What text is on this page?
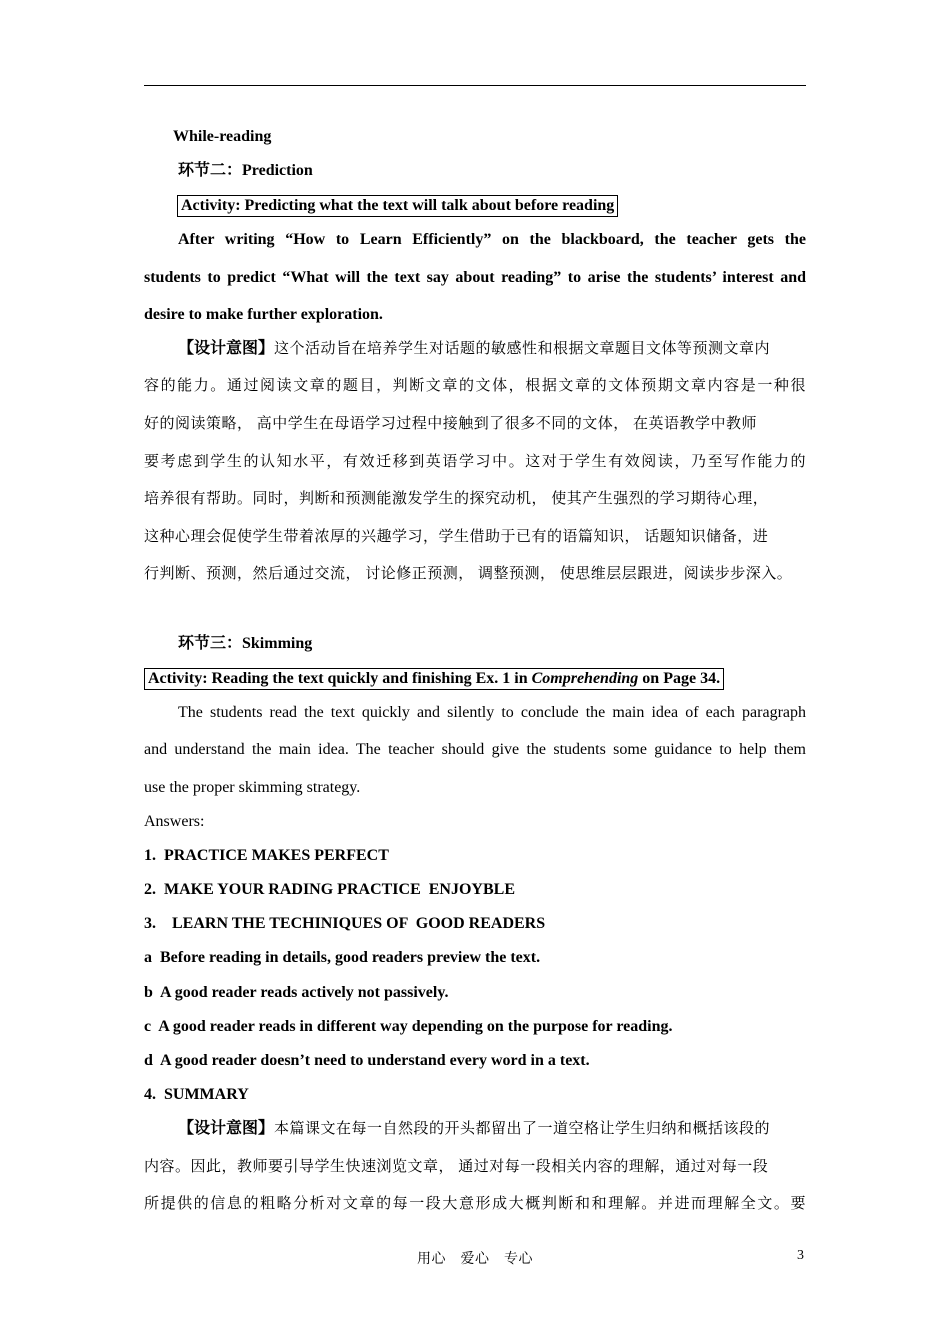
While-reading
环节二：Prediction
Activity: Predicting what the text will talk about before reading
After writing “How to Learn Efficiently” on the blackboard, the teacher gets the
students to predict “What will the text say about reading” to arise the students’ interest and
desire to make further exploration.
【设计意图】这个活动旨在培养学生对话题的敏感性和根据文章题目文体等预测文章内
容的能力。通过阅读文章的题目，判断文章的文体，根据文章的文体预期文章内容是一种很
好的阅读策略， 高中学生在母语学习过程中接触到了很多不同的文体， 在英语教学中教师
要考虑到学生的认知水平，有效迁移到英语学习中。这对于学生有效阅读，乃至写作能力的
培养很有帮助。同时，判断和预测能激发学生的探究动机， 使其产生强烈的学习期待心理，
这种心理会促使学生带着浓厚的兴趣学习，学生借助于已有的语篇知识， 话题知识储备，进
行判断、预测，然后通过交流， 讨论修正预测， 调整预测， 使思维层层跟进，阅读步步深入。
环节三：Skimming
Activity: Reading the text quickly and finishing Ex. 1 in Comprehending on Page 34.
The students read the text quickly and silently to conclude the main idea of each paragraph
and understand the main idea. The teacher should give the students some guidance to help them
use the proper skimming strategy.
Answers:
1.  PRACTICE MAKES PERFECT
2.  MAKE YOUR RADING PRACTICE  ENJOYBLE
3.    LEARN THE TECHINIQUES OF  GOOD READERS
a  Before reading in details, good readers preview the text.
b  A good reader reads actively not passively.
c  A good reader reads in different way depending on the purpose for reading.
d  A good reader doesn’t need to understand every word in a text.
4.  SUMMARY
【设计意图】本篇课文在每一自然段的开头都留出了一道空格让学生归纳和概括该段的
内容。因此，教师要引导学生快速浏览文章， 通过对每一段相关内容的理解，通过对每一段
所提供的信息的粗略分析对文章的每一段大意形成大概判断和和理解。并进而理解全文。要
用心　爱心　专心	3
